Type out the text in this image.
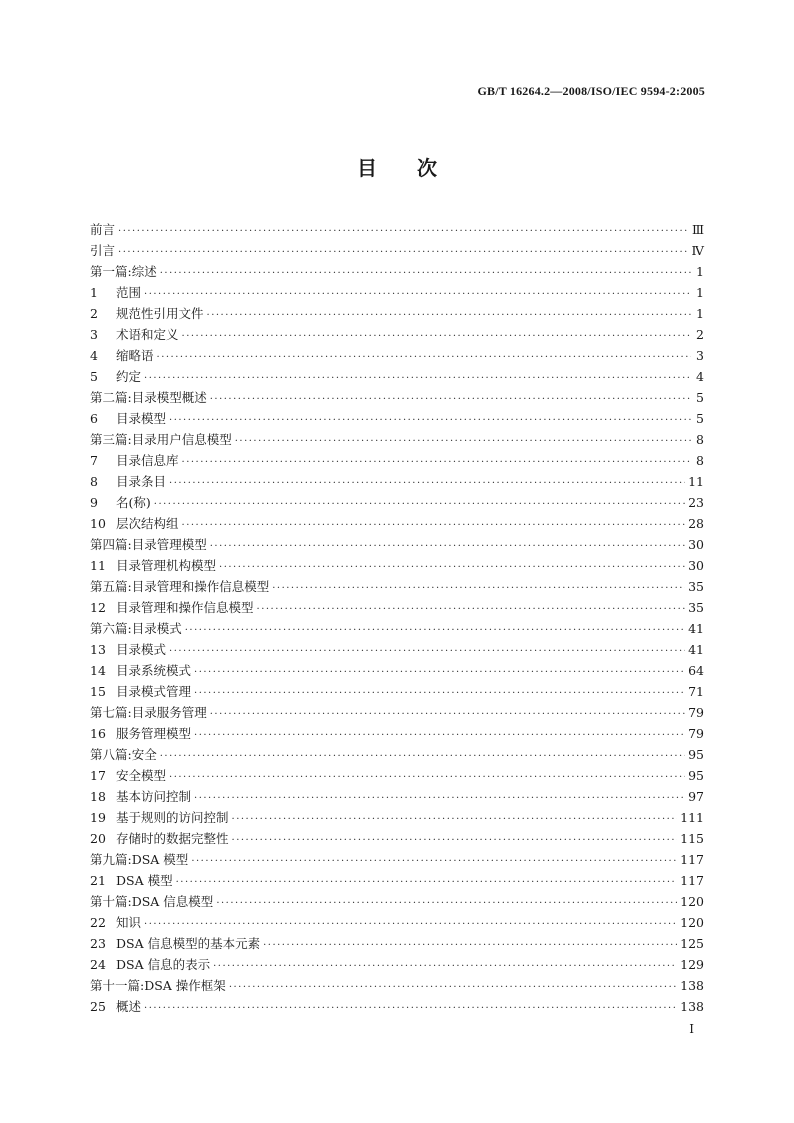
GB/T 16264.2—2008/ISO/IEC 9594-2:2005
目次
前言 ·····	Ⅲ
引言 ·····	Ⅳ
第一篇:综述 ·····	1
1	范围 ·····	1
2	规范性引用文件 ·····	1
3	术语和定义 ·····	2
4	缩略语 ·····	3
5	约定 ·····	4
第二篇:目录模型概述 ·····	5
6	目录模型 ·····	5
第三篇:目录用户信息模型 ·····	8
7	目录信息库 ·····	8
8	目录条目 ·····	11
9	名(称) ·····	23
10 层次结构组 ·····	28
第四篇:目录管理模型 ·····	30
11 目录管理机构模型 ·····	30
第五篇:目录管理和操作信息模型 ·····	35
12 目录管理和操作信息模型 ·····	35
第六篇:目录模式 ·····	41
13 目录模式 ·····	41
14 目录系统模式 ·····	64
15 目录模式管理 ·····	71
第七篇:目录服务管理 ·····	79
16 服务管理模型 ·····	79
第八篇:安全 ·····	95
17 安全模型 ·····	95
18 基本访问控制 ·····	97
19 基于规则的访问控制 ·····	111
20 存储时的数据完整性 ·····	115
第九篇:DSA 模型 ·····	117
21 DSA 模型 ·····	117
第十篇:DSA 信息模型 ·····	120
22 知识 ·····	120
23 DSA 信息模型的基本元素 ·····	125
24 DSA 信息的表示 ·····	129
第十一篇:DSA 操作框架 ·····	138
25 概述 ·····	138
Ⅰ
